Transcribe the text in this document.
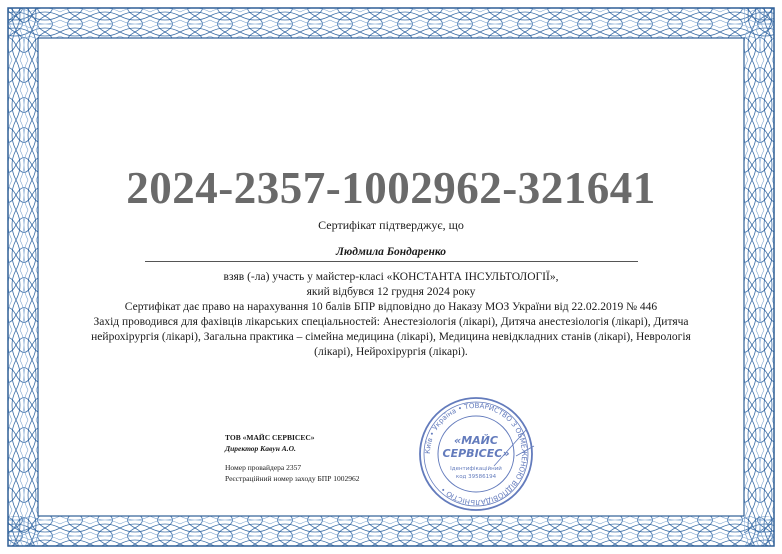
2024-2357-1002962-321641
Сертифікат підтверджує, що
Людмила Бондаренко
взяв (-ла) участь у майстер-класі «КОНСТАНТА ІНСУЛЬТОЛОГІЇ»,
який відбувся 12 грудня 2024 року
Сертифікат дає право на нарахування 10 балів БПР відповідно до Наказу МОЗ України від 22.02.2019 № 446
Захід проводився для фахівців лікарських спеціальностей: Анестезіологія (лікарі), Дитяча анестезіологія (лікарі), Дитяча
нейрохірургія (лікарі), Загальна практика – сімейна медицина (лікарі), Медицина невідкладних станів (лікарі), Неврологія
(лікарі), Нейрохірургія (лікарі).
ТОВ «МАЙС СЕРВІСЕС»
Директор Кавун А.О.
Номер провайдера 2357
Реєстраційний номер заходу БПР 1002962
Київ • Україна • ТОВАРИСТВО З ОБМЕЖЕНОЮ ВІДПОВІДАЛЬНІСТЮ •
«МАЙС
СЕРВІСЕС»
Ідентифікаційний
код 39586194
